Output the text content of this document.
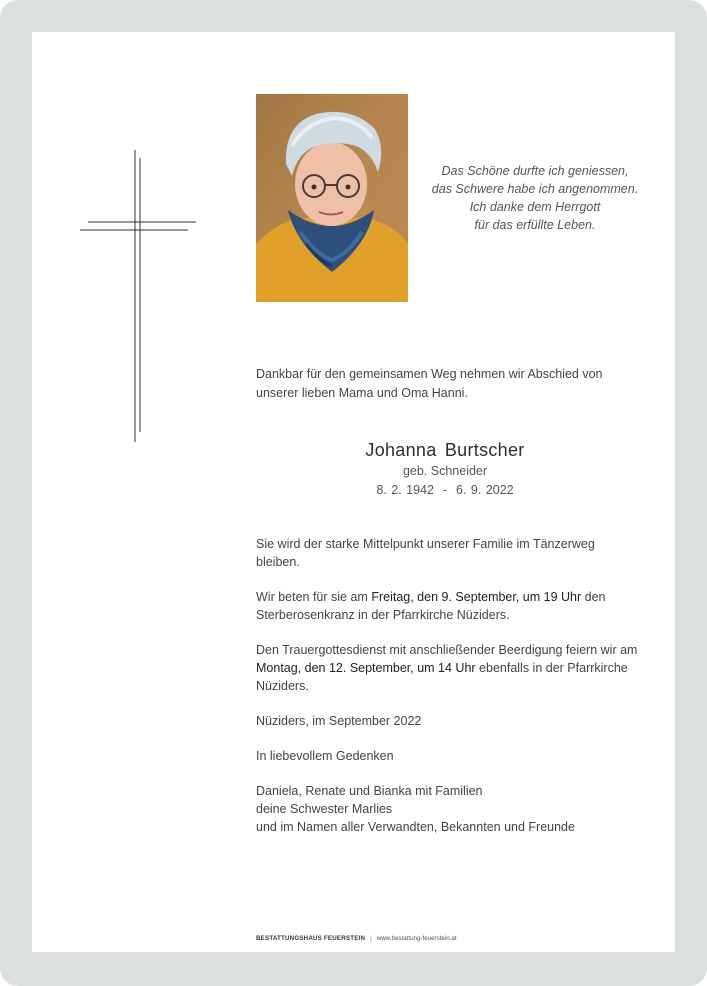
Das Schöne durfte ich geniessen,
das Schwere habe ich angenommen.
Ich danke dem Herrgott
für das erfüllte Leben.
Dankbar für den gemeinsamen Weg nehmen wir Abschied von
unserer lieben Mama und Oma Hanni.
Johanna Burtscher
geb. Schneider
8. 2. 1942 - 6. 9. 2022

Sie wird der starke Mittelpunkt unserer Familie im Tänzerweg bleiben.

Wir beten für sie am Freitag, den 9. September, um 19 Uhr den
Sterberosenkranz in der Pfarrkirche Nüziders.

Den Trauergottesdienst mit anschließender Beerdigung feiern wir am
Montag, den 12. September, um 14 Uhr ebenfalls in der Pfarrkirche
Nüziders.

Nüziders, im September 2022

In liebevollem Gedenken

Daniela, Renate und Bianka mit Familien
deine Schwester Marlies
und im Namen aller Verwandten, Bekannten und Freunde

BESTATTUNGSHAUS FEUERSTEIN | www.bestattung-feuerstein.at
